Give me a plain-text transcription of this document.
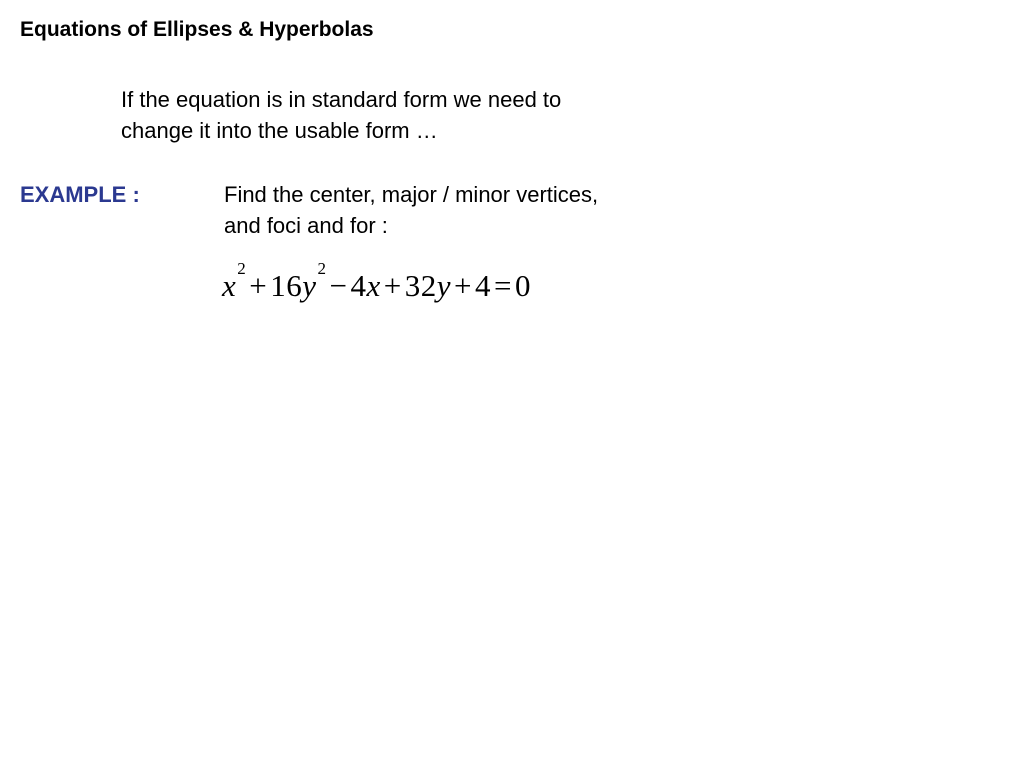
Equations of Ellipses & Hyperbolas
If the equation is in standard form we need to
change it into the usable form …
EXAMPLE :	Find the center, major / minor vertices,
and foci and for :
$x^2+16y^2-4x+32y+4=0$
